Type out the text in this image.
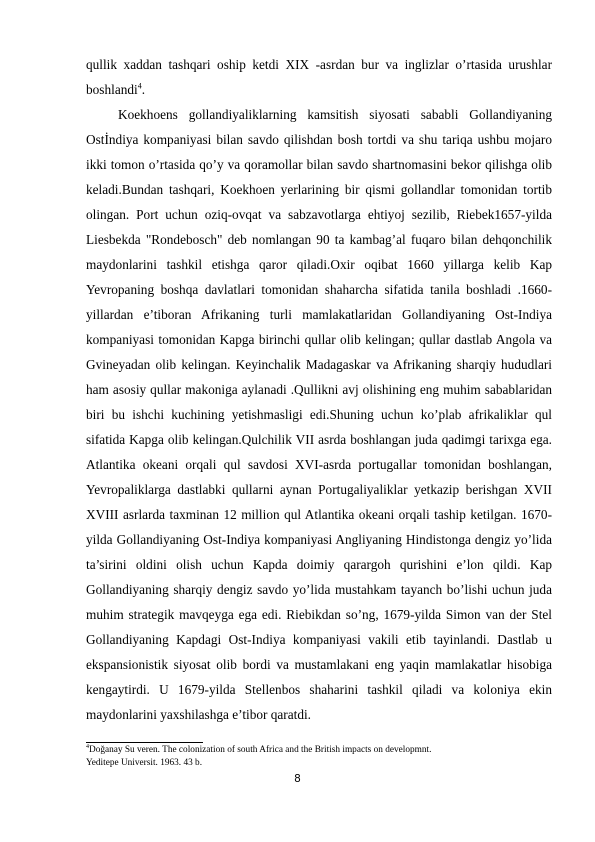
qullik xaddan tashqari oship ketdi XIX -asrdan bur va inglizlar o’rtasida urushlar boshlandi$^4$.

Koekhoens gollandiyaliklarning kamsitish siyosati sababli Gollandiyaning Ostİndiya kompaniyasi bilan savdo qilishdan bosh tortdi va shu tariqa ushbu mojaro ikki tomon o’rtasida qo’y va qoramollar bilan savdo shartnomasini bekor qilishga olib keladi.Bundan tashqari, Koekhoen yerlarining bir qismi gollandlar tomonidan tortib olingan. Port uchun oziq-ovqat va sabzavotlarga ehtiyoj sezilib, Riebek1657-yilda Liesbekda "Rondebosch" deb nomlangan 90 ta kambag’al fuqaro bilan dehqonchilik maydonlarini tashkil etishga qaror qiladi.Oxir oqibat 1660 yillarga kelib Kap Yevropaning boshqa davlatlari tomonidan shaharcha sifatida tanila boshladi .1660-yillardan e’tiboran Afrikaning turli mamlakatlaridan Gollandiyaning Ost-Indiya kompaniyasi tomonidan Kapga birinchi qullar olib kelingan; qullar dastlab Angola va Gvineyadan olib kelingan. Keyinchalik Madagaskar va Afrikaning sharqiy hududlari ham asosiy qullar makoniga aylanadi .Qullikni avj olishining eng muhim sabablaridan biri bu ishchi kuchining yetishmasligi edi.Shuning uchun ko’plab afrikaliklar qul sifatida Kapga olib kelingan.Qulchilik VII asrda boshlangan juda qadimgi tarixga ega. Atlantika okeani orqali qul savdosi XVI-asrda portugallar tomonidan boshlangan, Yevropaliklarga dastlabki qullarni aynan Portugaliyaliklar yetkazip berishgan XVII XVIII asrlarda taxminan 12 million qul Atlantika okeani orqali taship ketilgan. 1670-yilda Gollandiyaning Ost-Indiya kompaniyasi Angliyaning Hindistonga dengiz yo’lida ta’sirini oldini olish uchun Kapda doimiy qarargoh qurishini e’lon qildi. Kap Gollandiyaning sharqiy dengiz savdo yo’lida mustahkam tayanch bo’lishi uchun juda muhim strategik mavqeyga ega edi. Riebikdan so’ng, 1679-yilda Simon van der Stel Gollandiyaning Kapdagi Ost-Indiya kompaniyasi vakili etib tayinlandi. Dastlab u ekspansionistik siyosat olib bordi va mustamlakani eng yaqin mamlakatlar hisobiga kengaytirdi. U 1679-yilda Stellenbos shaharini tashkil qiladi va koloniya ekin maydonlarini yaxshilashga e’tibor qaratdi.

$^4$Doğanay Su veren. The colonization of south Africa and the British impacts on developmnt.
Yeditepe Universit. 1963. 43 b.
8
